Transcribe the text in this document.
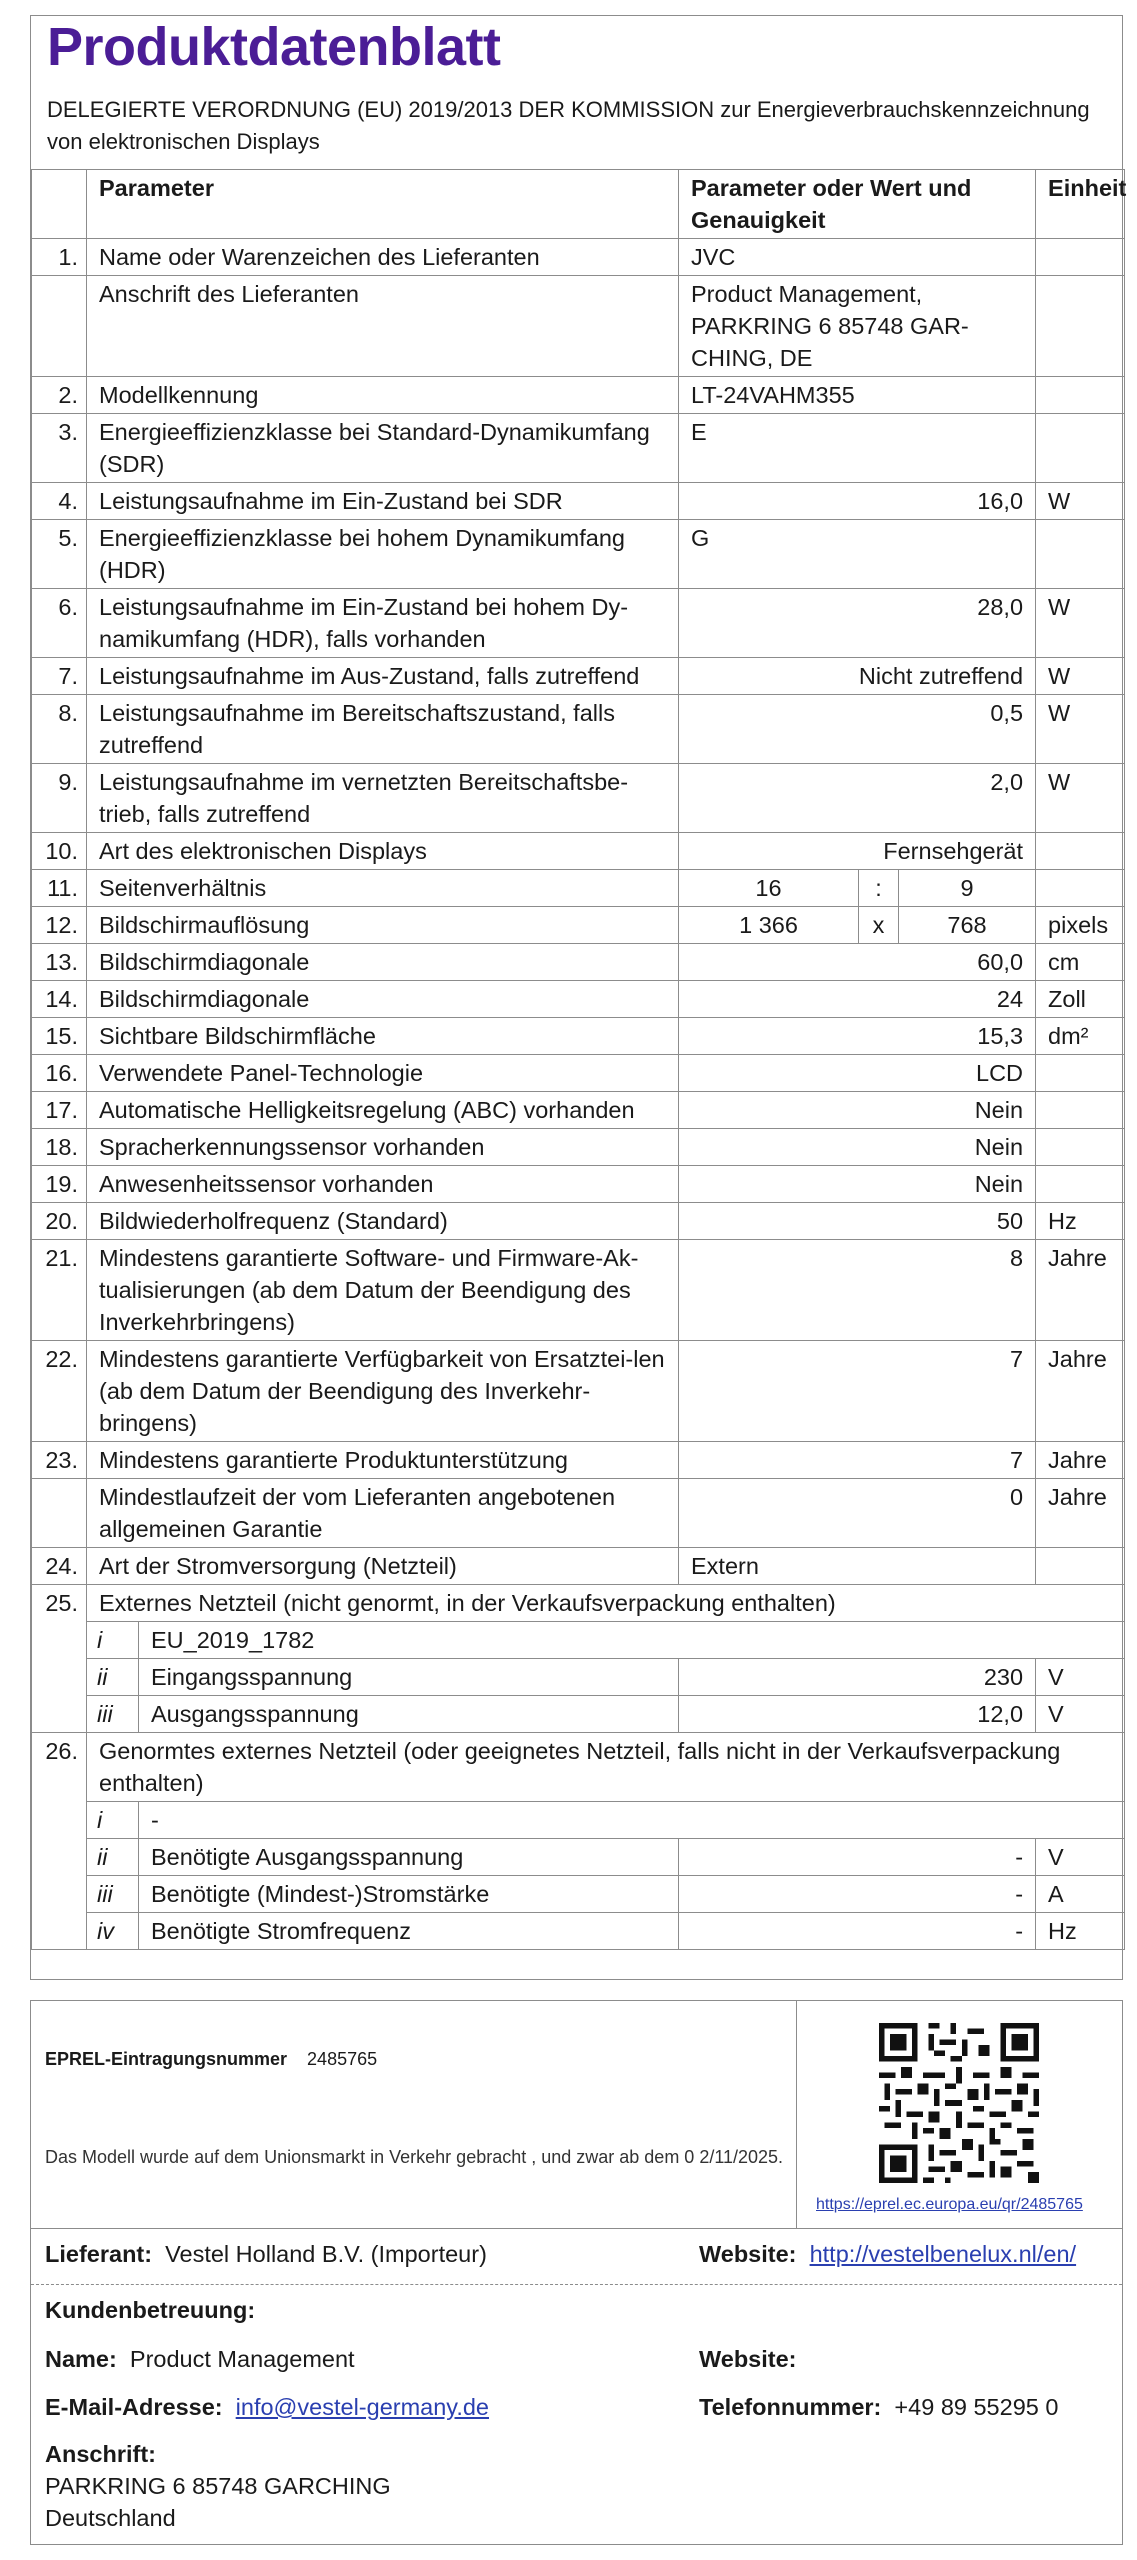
Produktdatenblatt
DELEGIERTE VERORDNUNG (EU) 2019/2013 DER KOMMISSION zur Energieverbrauchskennzeichnung von elektronischen Displays
	Parameter		Parameter oder Wert und Genauigkeit			Einheit
1.	Name oder Warenzeichen des Lieferanten		JVC			
	Anschrift des Lieferanten		Product Management, PARKRING 6 85748 GAR-CHING, DE			
2.	Modellkennung		LT-24VAHM355			
3.	Energieeffizienzklasse bei Standard-Dynamikumfang (SDR)		E			
4.	Leistungsaufnahme im Ein-Zustand bei SDR		16,0			W
5.	Energieeffizienzklasse bei hohem Dynamikumfang (HDR)		G			
6.	Leistungsaufnahme im Ein-Zustand bei hohem Dy-namikumfang (HDR), falls vorhanden		28,0			W
7.	Leistungsaufnahme im Aus-Zustand, falls zutreffend		Nicht zutreffend			W
8.	Leistungsaufnahme im Bereitschaftszustand, falls zutreffend		0,5			W
9.	Leistungsaufnahme im vernetzten Bereitschaftsbe-trieb, falls zutreffend		2,0			W
10.	Art des elektronischen Displays		Fernsehgerät			
11.	Seitenverhältnis		16	:	9	
12.	Bildschirmauflösung		1 366	x	768	pixels
13.	Bildschirmdiagonale		60,0			cm
14.	Bildschirmdiagonale		24			Zoll
15.	Sichtbare Bildschirmfläche		15,3			dm²
16.	Verwendete Panel-Technologie		LCD			
17.	Automatische Helligkeitsregelung (ABC) vorhanden		Nein			
18.	Spracherkennungssensor vorhanden		Nein			
19.	Anwesenheitssensor vorhanden		Nein			
20.	Bildwiederholfrequenz (Standard)		50			Hz
21.	Mindestens garantierte Software- und Firmware-Ak-tualisierungen (ab dem Datum der Beendigung des Inverkehrbringens)		8			Jahre
22.	Mindestens garantierte Verfügbarkeit von Ersatztei-len (ab dem Datum der Beendigung des Inverkehr-bringens)		7			Jahre
23.	Mindestens garantierte Produktunterstützung		7			Jahre
	Mindestlaufzeit der vom Lieferanten angebotenen allgemeinen Garantie		0			Jahre
24.	Art der Stromversorgung (Netzteil)		Extern			
25.	Externes Netzteil (nicht genormt, in der Verkaufsverpackung enthalten)					
	i	EU_2019_1782				
	ii	Eingangsspannung	230			V
	iii	Ausgangsspannung	12,0			V
26.	Genormtes externes Netzteil (oder geeignetes Netzteil, falls nicht in der Verkaufsverpackung enthalten)					
	i	-				
	ii	Benötigte Ausgangsspannung	-			V
	iii	Benötigte (Mindest-)Stromstärke	-			A
	iv	Benötigte Stromfrequenz	-			Hz
EPREL-Eintragungsnummer 2485765
Das Modell wurde auf dem Unionsmarkt in Verkehr gebracht , und zwar ab dem 0 2/11/2025.
https://eprel.ec.europa.eu/qr/2485765
Lieferant: Vestel Holland B.V. (Importeur)	Website: http://vestelbenelux.nl/en/
Kundenbetreuung:
Name: Product Management	Website:
E-Mail-Adresse: info@vestel-germany.de	Telefonnummer: +49 89 55295 0
Anschrift:
PARKRING 6 85748 GARCHING
Deutschland
